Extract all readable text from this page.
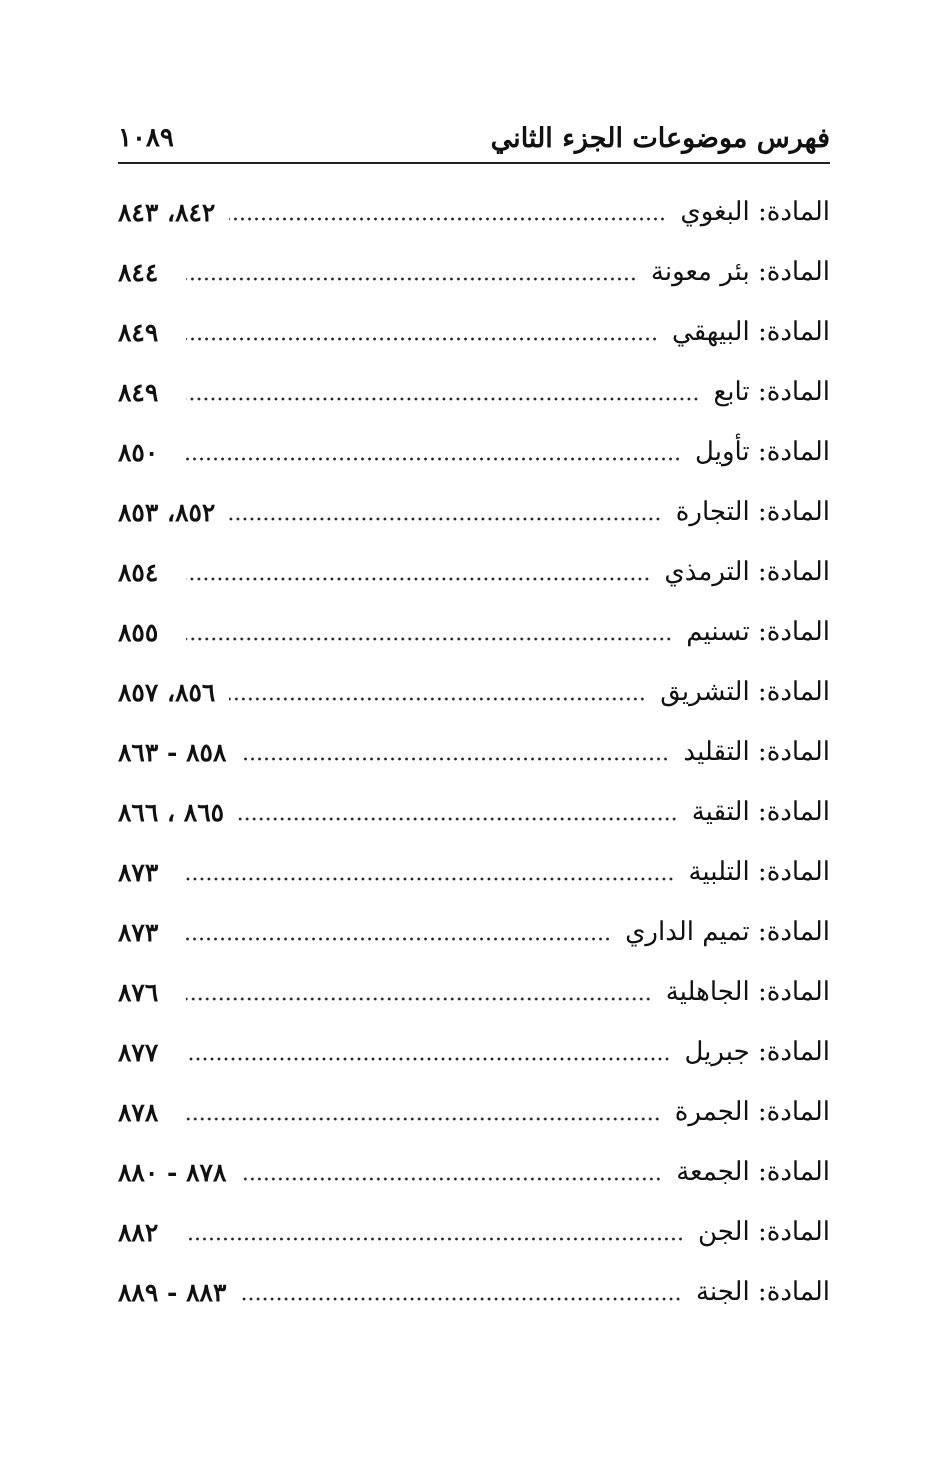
فهرس موضوعات الجزء الثاني
١٠٨٩
المادة: البغوي
٨٤٢، ٨٤٣
المادة: بئر معونة
٨٤٤
المادة: البيهقي
٨٤٩
المادة: تابع
٨٤٩
المادة: تأويل
٨٥٠
المادة: التجارة
٨٥٢، ٨٥٣
المادة: الترمذي
٨٥٤
المادة: تسنيم
٨٥٥
المادة: التشريق
٨٥٦، ٨٥٧
المادة: التقليد
٨٥٨ - ٨٦٣
المادة: التقية
٨٦٥ ، ٨٦٦
المادة: التلبية
٨٧٣
المادة: تميم الداري
٨٧٣
المادة: الجاهلية
٨٧٦
المادة: جبريل
٨٧٧
المادة: الجمرة
٨٧٨
المادة: الجمعة
٨٧٨ - ٨٨٠
المادة: الجن
٨٨٢
المادة: الجنة
٨٨٣ - ٨٨٩
